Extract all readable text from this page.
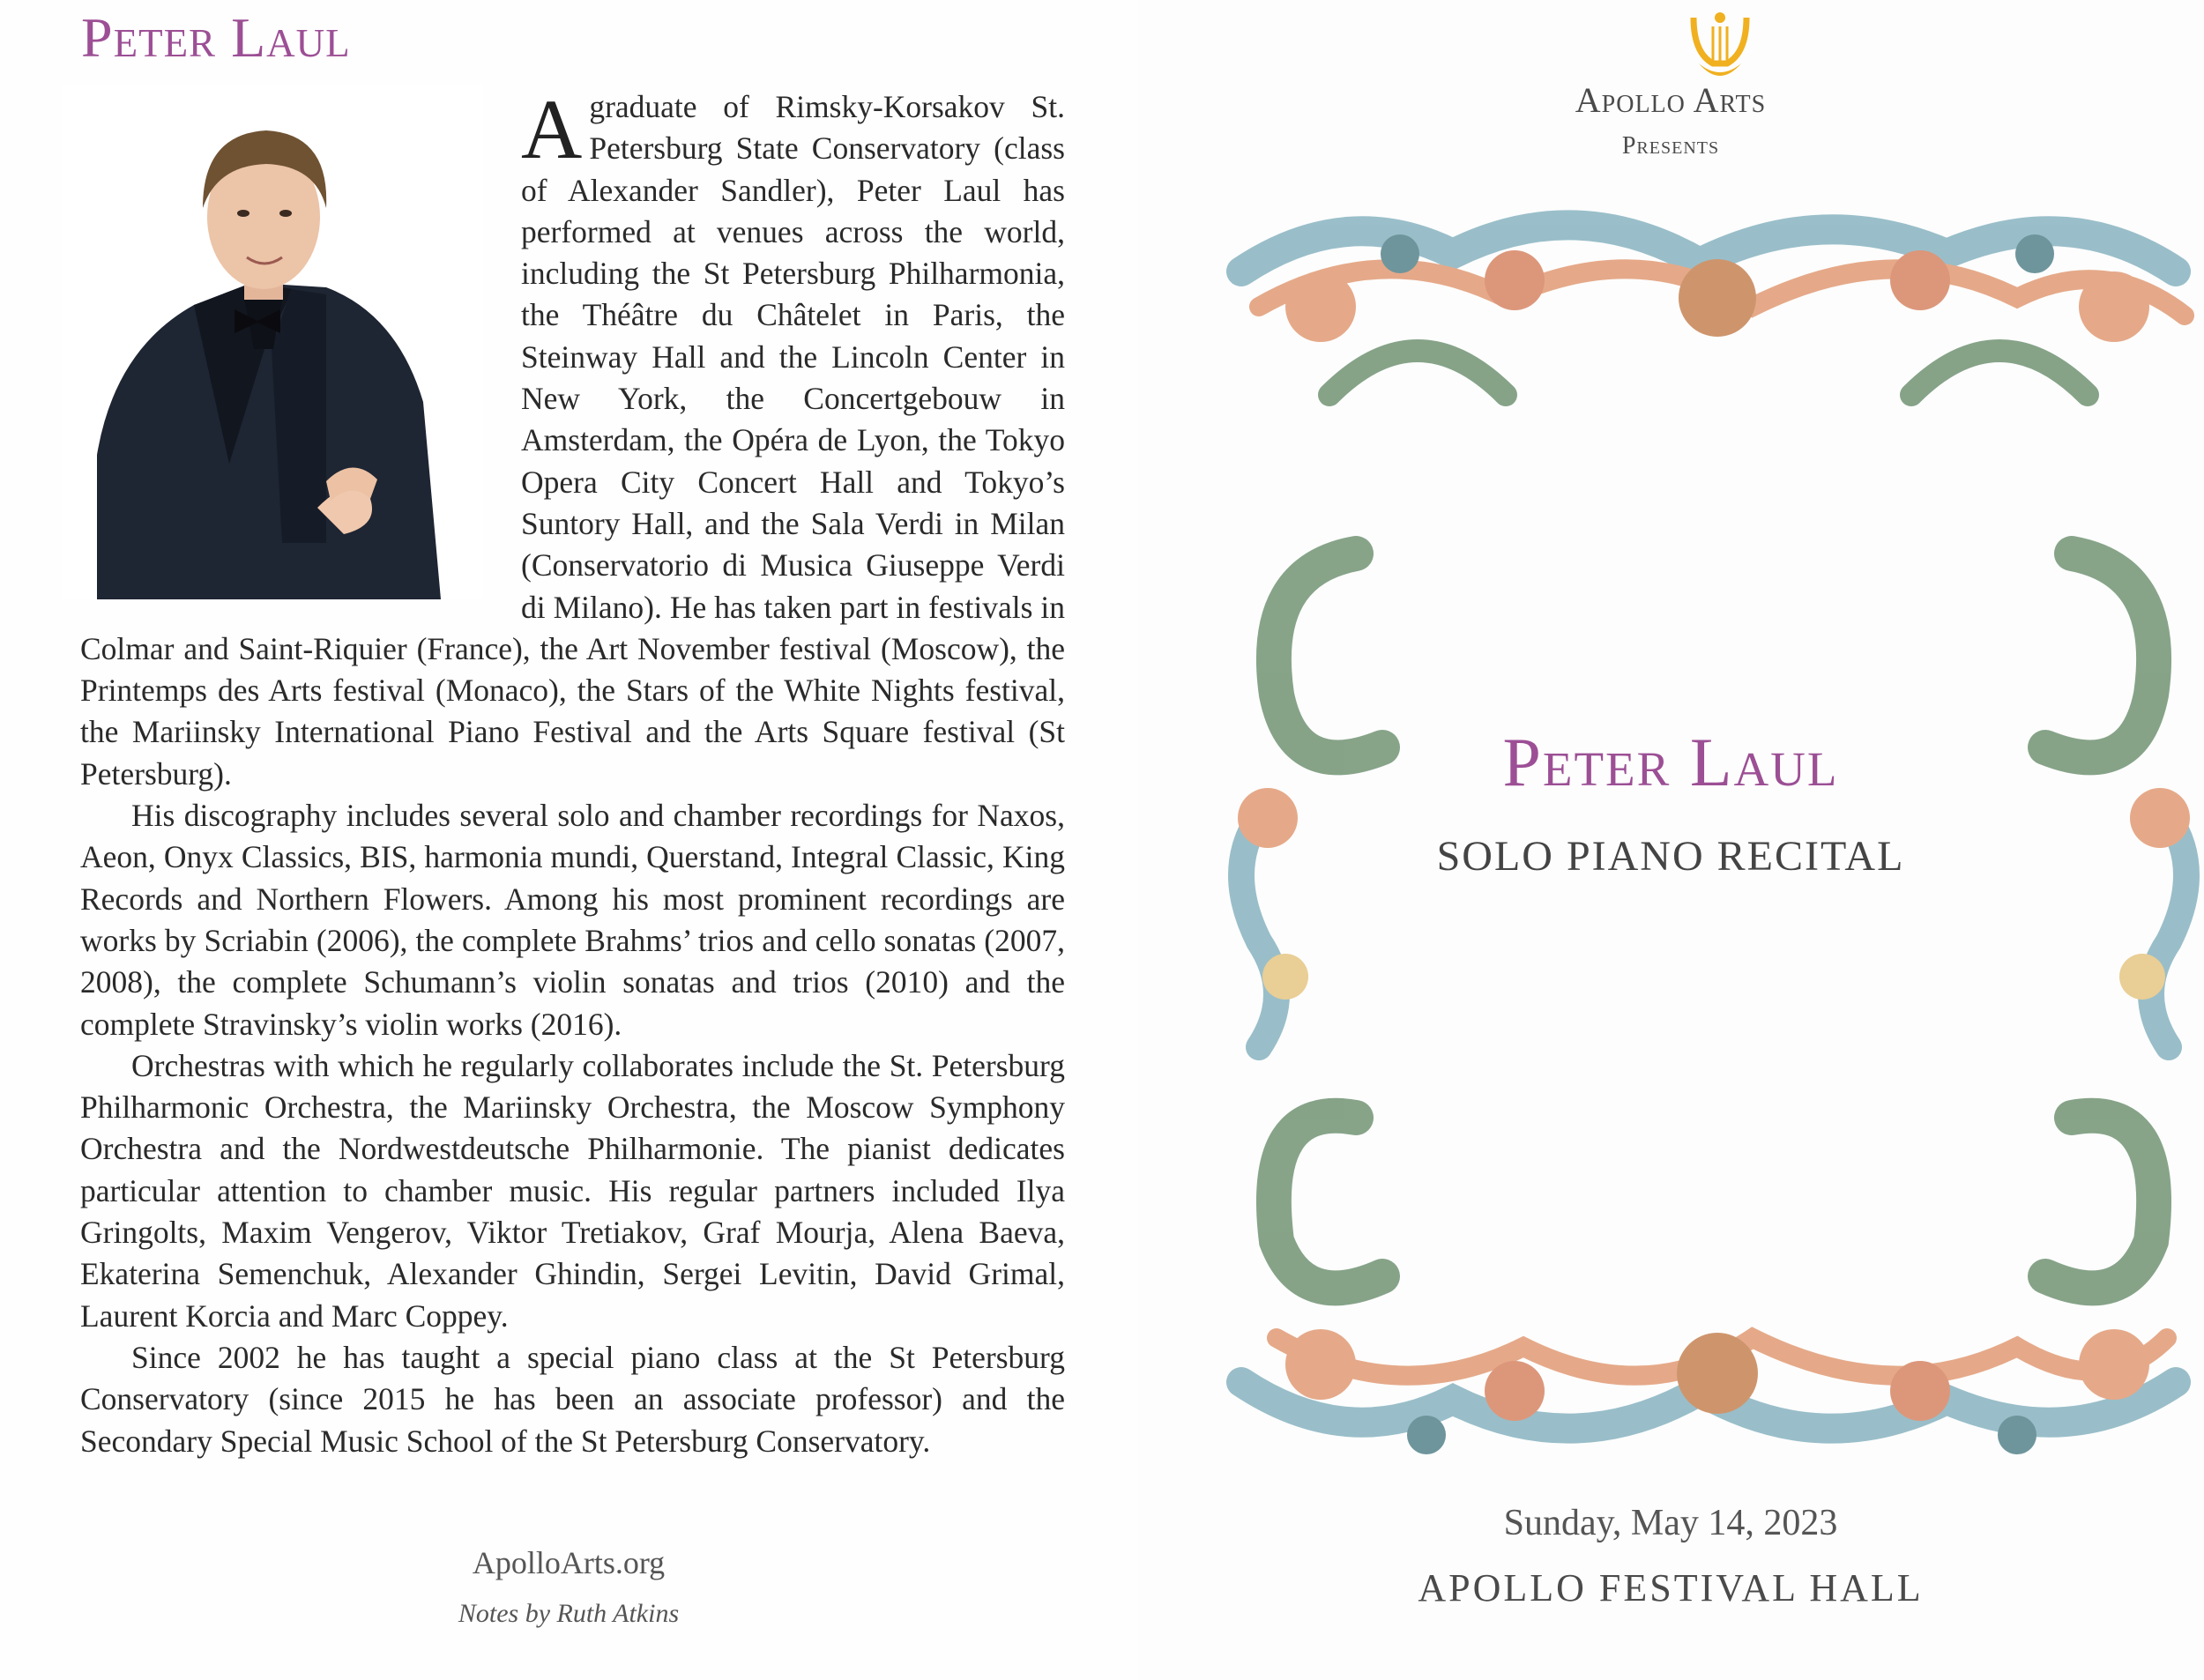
Peter Laul

A graduate of Rimsky-Korsakov St. Petersburg State Conservatory (class of Alexander Sandler), Peter Laul has performed at venues across the world, including the St Petersburg Philharmonia, the Théâtre du Châtelet in Paris, the Steinway Hall and the Lincoln Center in New York, the Concertgebouw in Amsterdam, the Opéra de Lyon, the Tokyo Opera City Concert Hall and Tokyo’s Suntory Hall, and the Sala Verdi in Milan (Conservatorio di Musica Giuseppe Verdi di Milano). He has taken part in festivals in Colmar and Saint-Riquier (France), the Art November festival (Moscow), the Printemps des Arts festival (Monaco), the Stars of the White Nights festival, the Mariinsky International Piano Festival and the Arts Square festival (St Petersburg).

His discography includes several solo and chamber recordings for Naxos, Aeon, Onyx Classics, BIS, harmonia mundi, Querstand, Integral Classic, King Records and Northern Flowers. Among his most prominent recordings are works by Scriabin (2006), the complete Brahms’ trios and cello sonatas (2007, 2008), the complete Schumann’s violin sonatas and trios (2010) and the complete Stravinsky’s violin works (2016).

Orchestras with which he regularly collaborates include the St. Petersburg Philharmonic Orchestra, the Mariinsky Orchestra, the Moscow Symphony Orchestra and the Nordwestdeutsche Philharmonie. The pianist dedicates particular attention to chamber music. His regular partners included Ilya Gringolts, Maxim Vengerov, Viktor Tretiakov, Graf Mourja, Alena Baeva, Ekaterina Semenchuk, Alexander Ghindin, Sergei Levitin, David Grimal, Laurent Korcia and Marc Coppey.

Since 2002 he has taught a special piano class at the St Petersburg Conservatory (since 2015 he has been an associate professor) and the Secondary Special Music School of the St Petersburg Conservatory.

ApolloArts.org

Notes by Ruth Atkins

Apollo Arts

Presents

Peter Laul

SOLO PIANO RECITAL

Sunday, May 14, 2023

APOLLO FESTIVAL HALL
